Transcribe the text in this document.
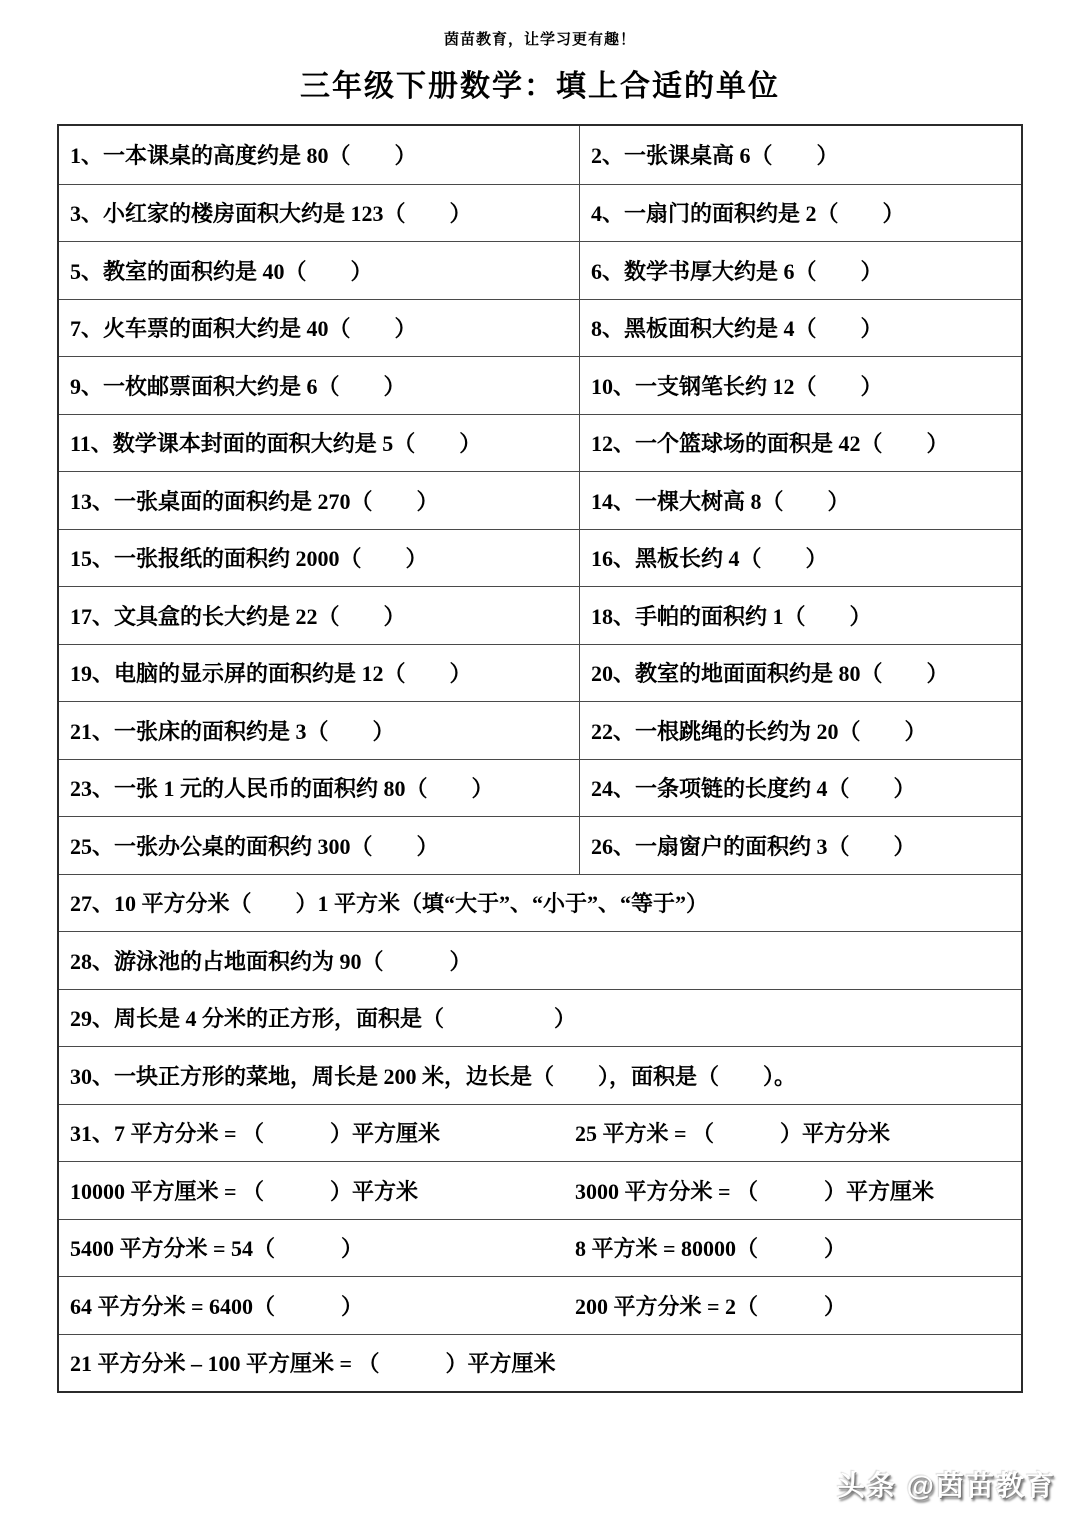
茵苗教育，让学习更有趣！
三年级下册数学：填上合适的单位
1、一本课桌的高度约是 80（　　）	2、一张课桌高 6（　　）
3、小红家的楼房面积大约是 123（　　）	4、一扇门的面积约是 2（　　）
5、教室的面积约是 40（　　）	6、数学书厚大约是 6（　　）
7、火车票的面积大约是 40（　　）	8、黑板面积大约是 4（　　）
9、一枚邮票面积大约是 6（　　）	10、一支钢笔长约 12（　　）
11、数学课本封面的面积大约是 5（　　）	12、一个篮球场的面积是 42（　　）
13、一张桌面的面积约是 270（　　）	14、一棵大树高 8（　　）
15、一张报纸的面积约 2000（　　）	16、黑板长约 4（　　）
17、文具盒的长大约是 22（　　）	18、手帕的面积约 1（　　）
19、电脑的显示屏的面积约是 12（　　）	20、教室的地面面积约是 80（　　）
21、一张床的面积约是 3（　　）	22、一根跳绳的长约为 20（　　）
23、一张 1 元的人民币的面积约 80（　　）	24、一条项链的长度约 4（　　）
25、一张办公桌的面积约 300（　　）	26、一扇窗户的面积约 3（　　）
27、10 平方分米（　　）1 平方米（填“大于”、“小于”、“等于”）
28、游泳池的占地面积约为 90（　　　）
29、周长是 4 分米的正方形，面积是（　　　　　）
30、一块正方形的菜地，周长是 200 米，边长是（　　），面积是（　　）。
31、7 平方分米 = （　　　）平方厘米	25 平方米 = （　　　）平方分米
10000 平方厘米 = （　　　）平方米	3000 平方分米 = （　　　）平方厘米
5400 平方分米 = 54（　　　）	8 平方米 = 80000（　　　）
64 平方分米 = 6400（　　　）	200 平方分米 = 2（　　　）
21 平方分米 – 100 平方厘米 = （　　　）平方厘米
头条 @茵苗教育
